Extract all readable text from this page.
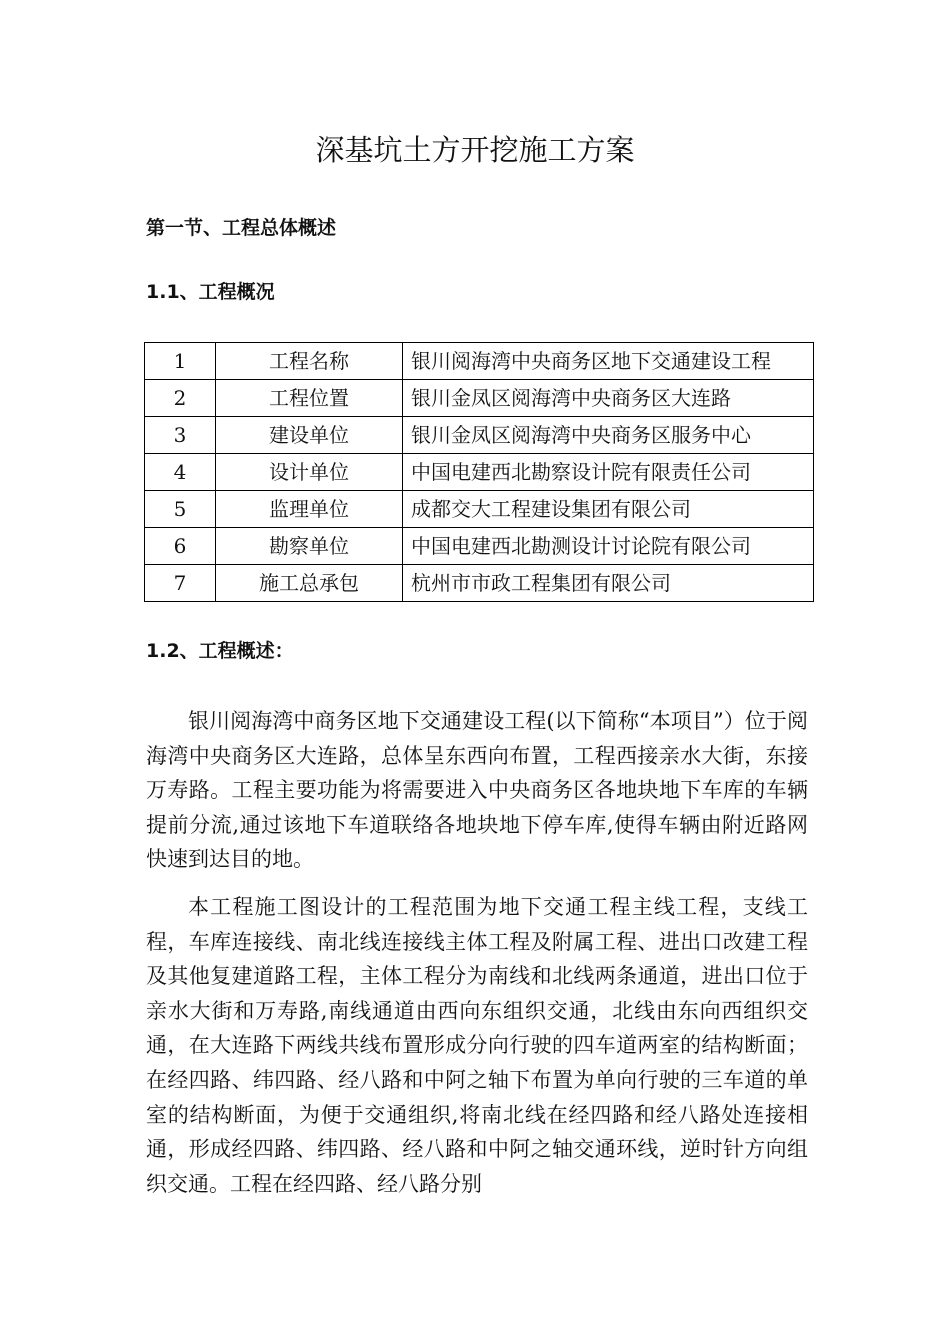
深基坑土方开挖施工方案
第一节、工程总体概述
1.1、工程概况
1	工程名称	银川阅海湾中央商务区地下交通建设工程
2	工程位置	银川金凤区阅海湾中央商务区大连路
3	建设单位	银川金凤区阅海湾中央商务区服务中心
4	设计单位	中国电建西北勘察设计院有限责任公司
5	监理单位	成都交大工程建设集团有限公司
6	勘察单位	中国电建西北勘测设计讨论院有限公司
7	施工总承包	杭州市市政工程集团有限公司
1.2、工程概述：

银川阅海湾中商务区地下交通建设工程(以下简称“本项目”）位于阅海湾中央商务区大连路，总体呈东西向布置，工程西接亲水大街，东接万寿路。工程主要功能为将需要进入中央商务区各地块地下车库的车辆提前分流,通过该地下车道联络各地块地下停车库,使得车辆由附近路网快速到达目的地。

本工程施工图设计的工程范围为地下交通工程主线工程，支线工程，车库连接线、南北线连接线主体工程及附属工程、进出口改建工程及其他复建道路工程，主体工程分为南线和北线两条通道，进出口位于亲水大街和万寿路,南线通道由西向东组织交通，北线由东向西组织交通，在大连路下两线共线布置形成分向行驶的四车道两室的结构断面；在经四路、纬四路、经八路和中阿之轴下布置为单向行驶的三车道的单室的结构断面，为便于交通组织,将南北线在经四路和经八路处连接相通，形成经四路、纬四路、经八路和中阿之轴交通环线，逆时针方向组织交通。工程在经四路、经八路分别
